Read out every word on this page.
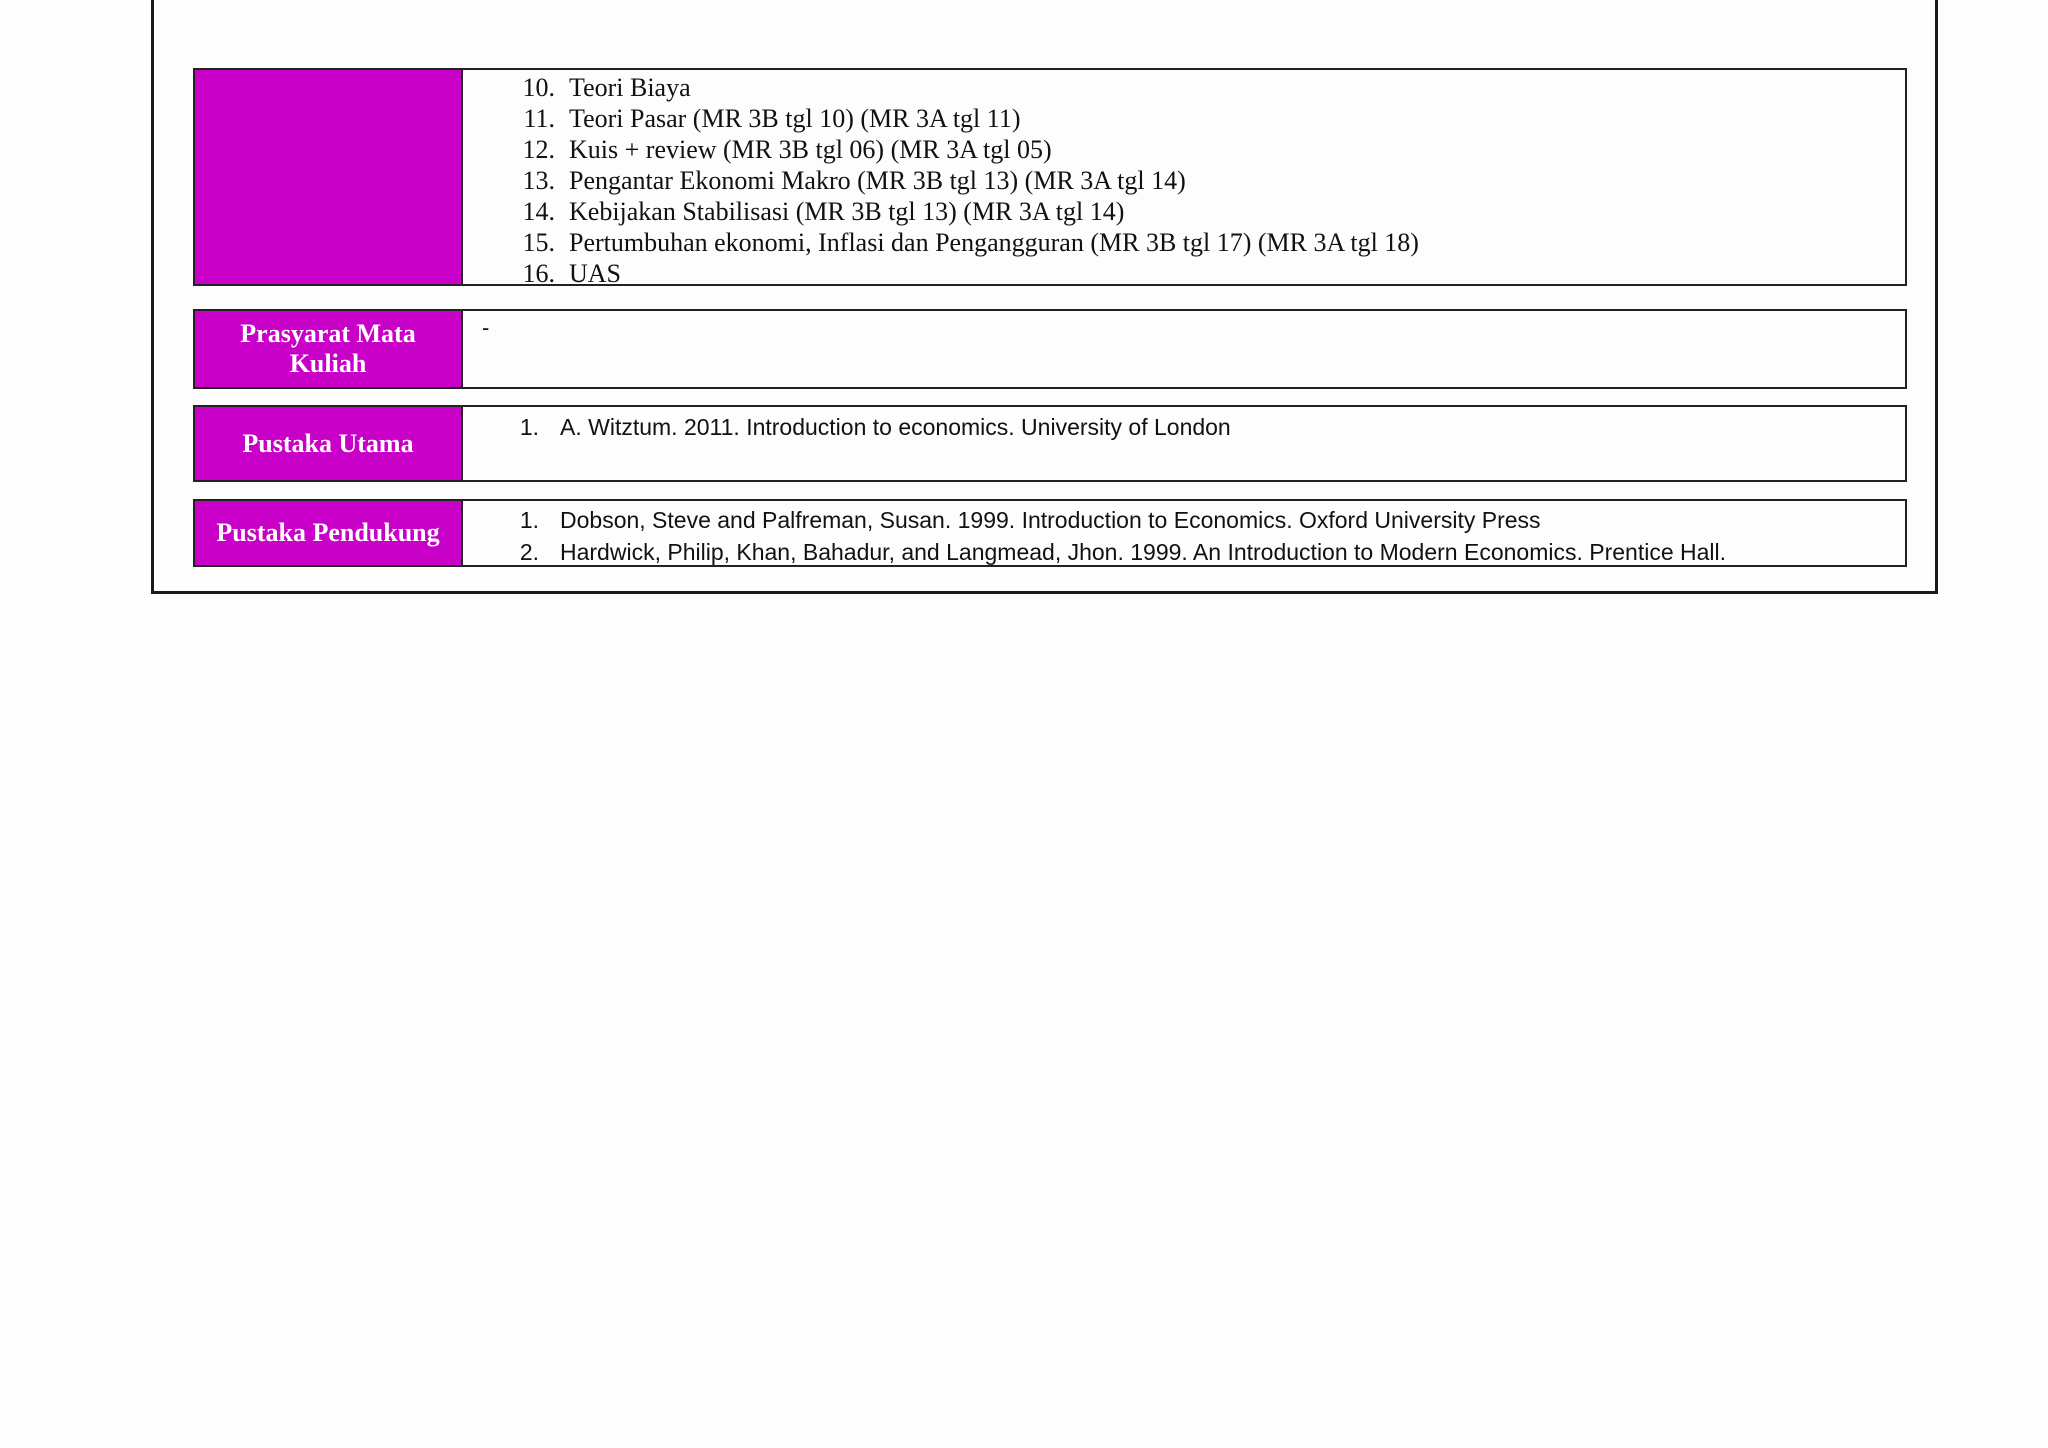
10. Teori Biaya
11. Teori Pasar (MR 3B tgl 10) (MR 3A tgl 11)
12. Kuis + review (MR 3B tgl 06) (MR 3A tgl 05)
13. Pengantar Ekonomi Makro (MR 3B tgl 13) (MR 3A tgl 14)
14. Kebijakan Stabilisasi (MR 3B tgl 13) (MR 3A tgl 14)
15. Pertumbuhan ekonomi, Inflasi dan Pengangguran (MR 3B tgl 17) (MR 3A tgl 18)
16. UAS
Prasyarat Mata Kuliah
-
Pustaka Utama
1. A. Witztum. 2011. Introduction to economics. University of London
Pustaka Pendukung	1. Dobson, Steve and Palfreman, Susan. 1999. Introduction to Economics. Oxford University Press
2. Hardwick, Philip, Khan, Bahadur, and Langmead, Jhon. 1999. An Introduction to Modern Economics. Prentice Hall.
